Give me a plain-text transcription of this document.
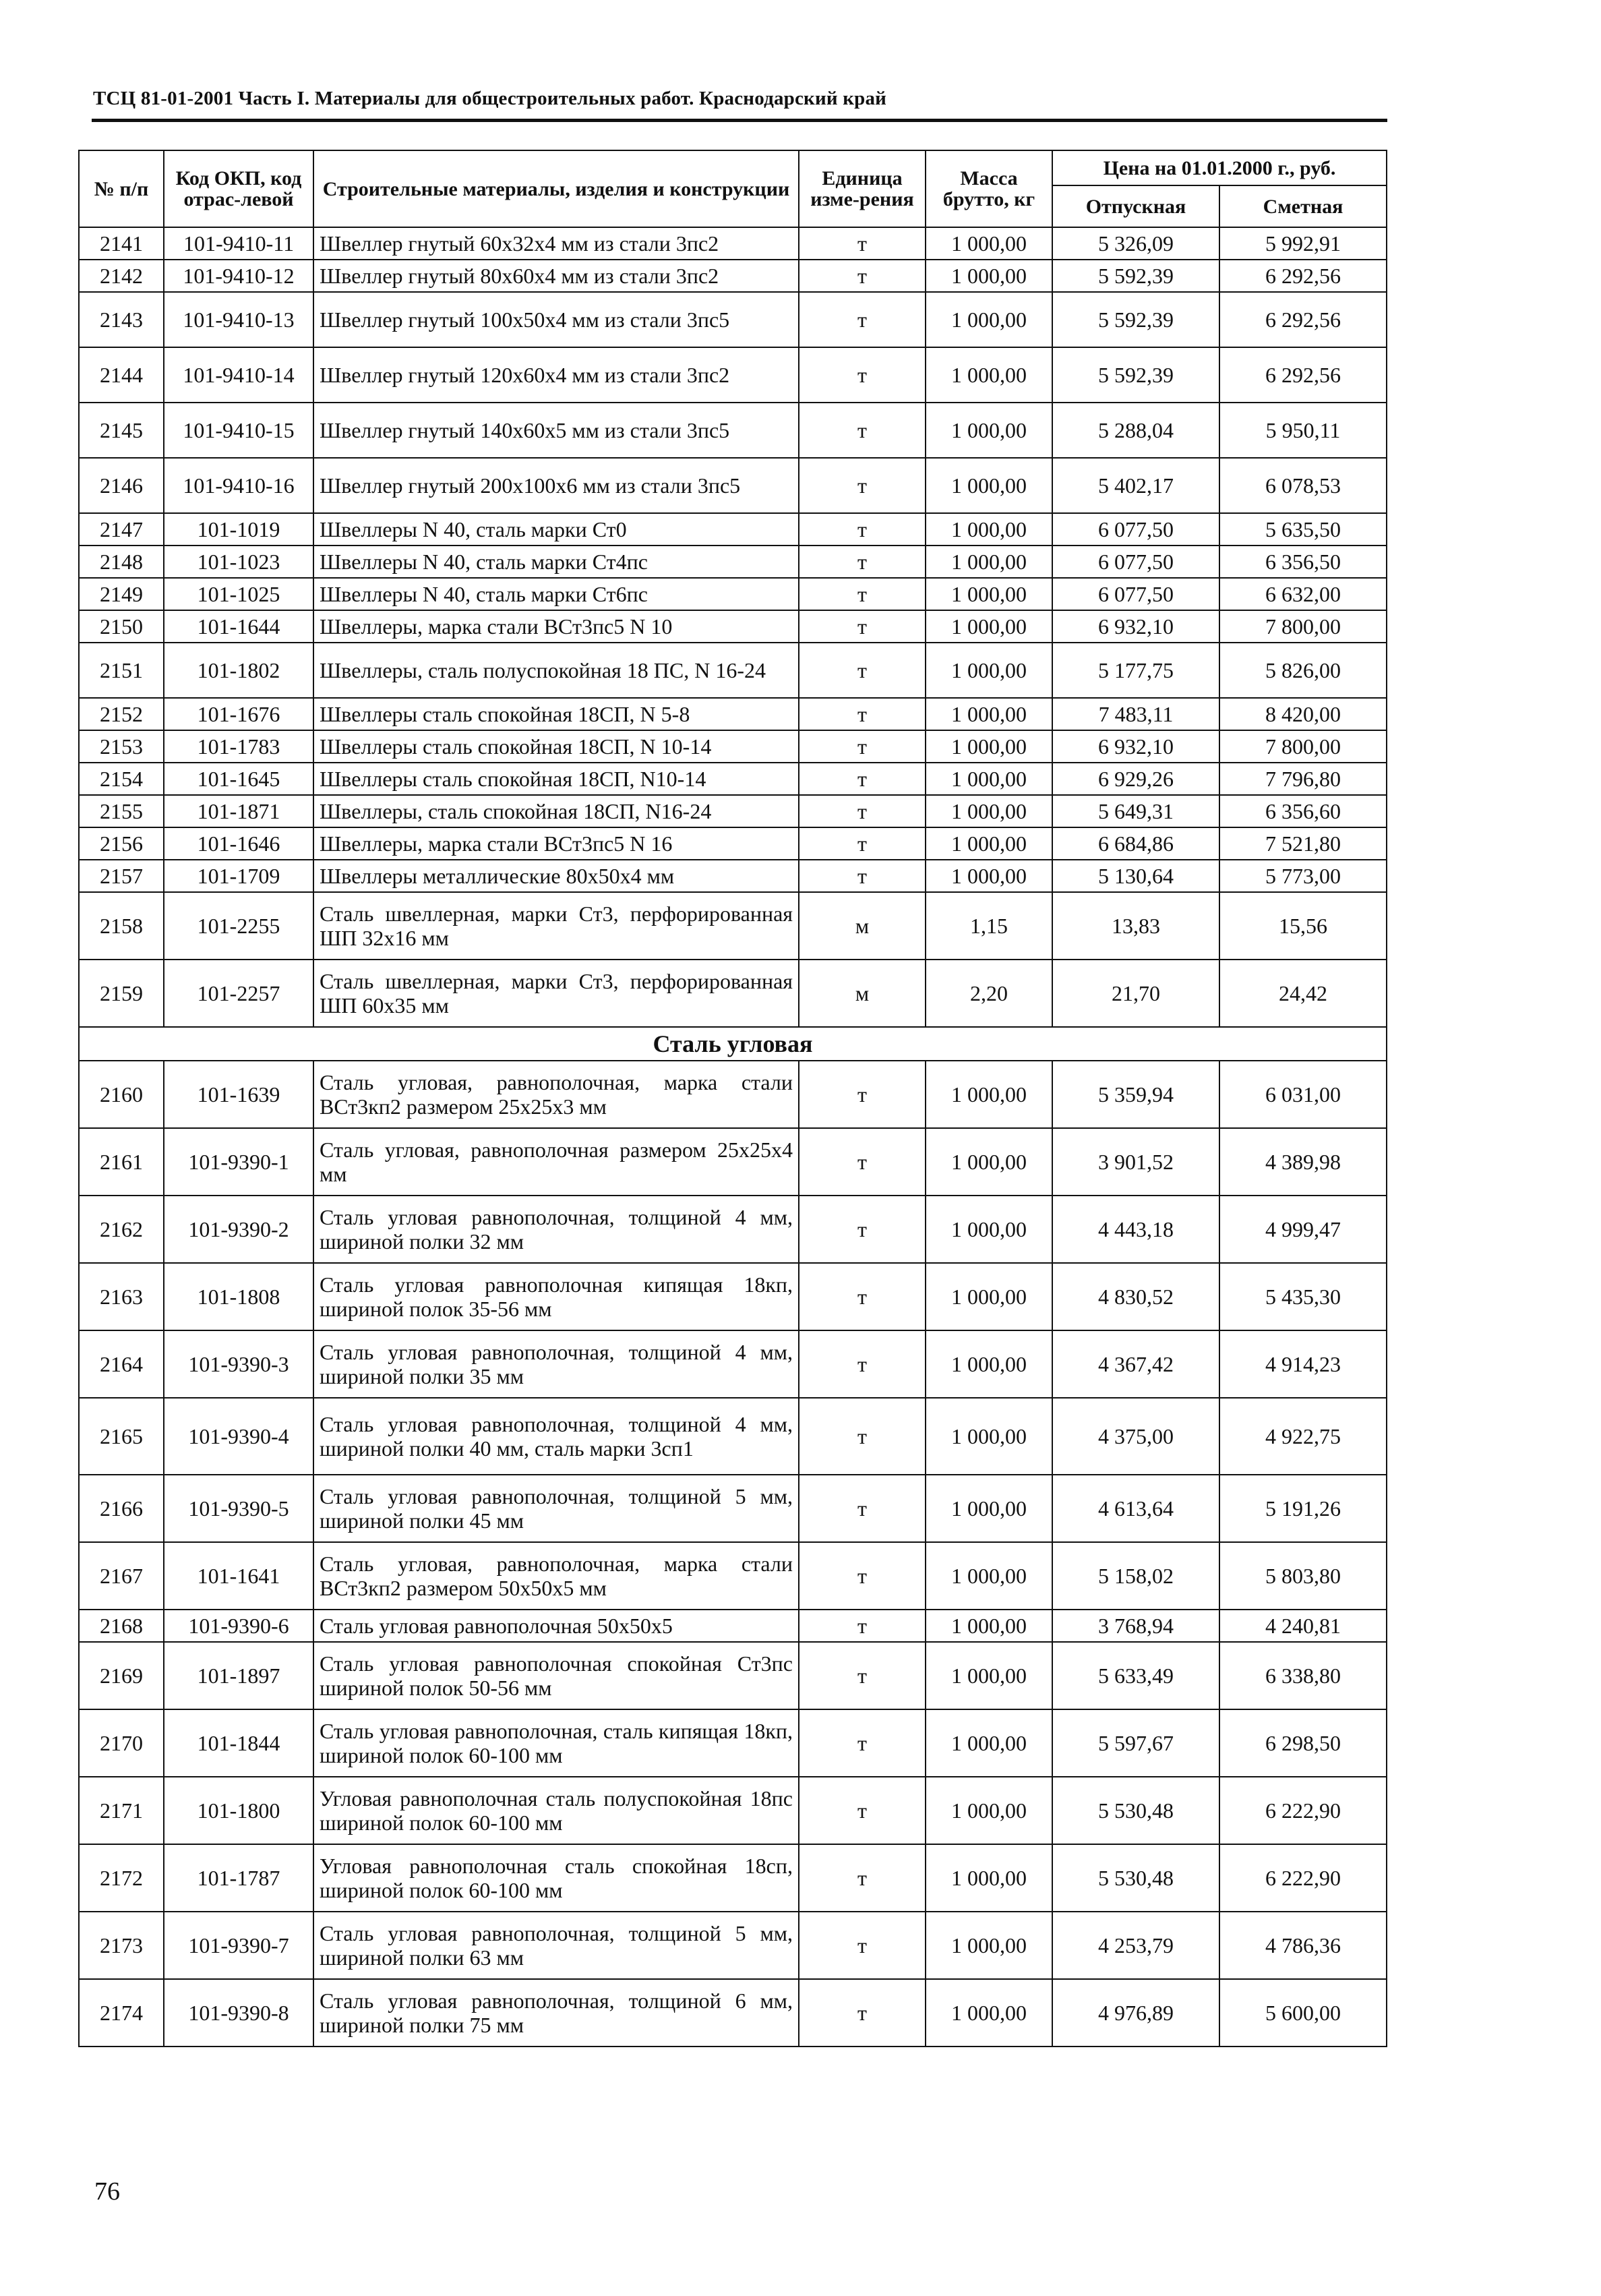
ТСЦ 81-01-2001 Часть I. Материалы для общестроительных работ. Краснодарский край
№ п/п	Код ОКП, код отрас-левой	Строительные материалы, изделия и конструкции	Единица изме-рения	Масса брутто, кг	Цена на 01.01.2000 г., руб.	
					Отпускная	Сметная
2141	101-9410-11	Швеллер гнутый 60х32х4 мм из стали 3пс2	т	1 000,00	5 326,09	5 992,91
2142	101-9410-12	Швеллер гнутый 80х60х4 мм из стали 3пс2	т	1 000,00	5 592,39	6 292,56
2143	101-9410-13	Швеллер гнутый 100х50х4 мм из стали 3пс5	т	1 000,00	5 592,39	6 292,56
2144	101-9410-14	Швеллер гнутый 120х60х4 мм из стали 3пс2	т	1 000,00	5 592,39	6 292,56
2145	101-9410-15	Швеллер гнутый 140х60х5 мм из стали 3пс5	т	1 000,00	5 288,04	5 950,11
2146	101-9410-16	Швеллер гнутый 200х100х6 мм из стали 3пс5	т	1 000,00	5 402,17	6 078,53
2147	101-1019	Швеллеры N 40, сталь марки Ст0	т	1 000,00	6 077,50	5 635,50
2148	101-1023	Швеллеры N 40, сталь марки Ст4пс	т	1 000,00	6 077,50	6 356,50
2149	101-1025	Швеллеры N 40, сталь марки Ст6пс	т	1 000,00	6 077,50	6 632,00
2150	101-1644	Швеллеры, марка стали ВСт3пс5 N 10	т	1 000,00	6 932,10	7 800,00
2151	101-1802	Швеллеры, сталь полуспокойная 18 ПС, N 16-24	т	1 000,00	5 177,75	5 826,00
2152	101-1676	Швеллеры сталь спокойная 18СП, N 5-8	т	1 000,00	7 483,11	8 420,00
2153	101-1783	Швеллеры сталь спокойная 18СП, N 10-14	т	1 000,00	6 932,10	7 800,00
2154	101-1645	Швеллеры сталь спокойная 18СП, N10-14	т	1 000,00	6 929,26	7 796,80
2155	101-1871	Швеллеры, сталь спокойная 18СП, N16-24	т	1 000,00	5 649,31	6 356,60
2156	101-1646	Швеллеры, марка стали ВСт3пс5 N 16	т	1 000,00	6 684,86	7 521,80
2157	101-1709	Швеллеры металлические 80х50х4 мм	т	1 000,00	5 130,64	5 773,00
2158	101-2255	Сталь швеллерная, марки Ст3, перфорированная ШП 32х16 мм	м	1,15	13,83	15,56
2159	101-2257	Сталь швеллерная, марки Ст3, перфорированная ШП 60х35 мм	м	2,20	21,70	24,42
Сталь угловая						
2160	101-1639	Сталь угловая, равнополочная, марка стали ВСт3кп2 размером 25х25х3 мм	т	1 000,00	5 359,94	6 031,00
2161	101-9390-1	Сталь угловая, равнополочная размером 25х25х4 мм	т	1 000,00	3 901,52	4 389,98
2162	101-9390-2	Сталь угловая равнополочная, толщиной 4 мм, шириной полки 32 мм	т	1 000,00	4 443,18	4 999,47
2163	101-1808	Сталь угловая равнополочная кипящая 18кп, шириной полок 35-56 мм	т	1 000,00	4 830,52	5 435,30
2164	101-9390-3	Сталь угловая равнополочная, толщиной 4 мм, шириной полки 35 мм	т	1 000,00	4 367,42	4 914,23
2165	101-9390-4	Сталь угловая равнополочная, толщиной 4 мм, шириной полки 40 мм, сталь марки 3сп1	т	1 000,00	4 375,00	4 922,75
2166	101-9390-5	Сталь угловая равнополочная, толщиной 5 мм, шириной полки 45 мм	т	1 000,00	4 613,64	5 191,26
2167	101-1641	Сталь угловая, равнополочная, марка стали ВСт3кп2 размером 50х50х5 мм	т	1 000,00	5 158,02	5 803,80
2168	101-9390-6	Сталь угловая равнополочная 50х50х5	т	1 000,00	3 768,94	4 240,81
2169	101-1897	Сталь угловая равнополочная спокойная Ст3пс шириной полок 50-56 мм	т	1 000,00	5 633,49	6 338,80
2170	101-1844	Сталь угловая равнополочная, сталь кипящая 18кп, шириной полок 60-100 мм	т	1 000,00	5 597,67	6 298,50
2171	101-1800	Угловая равнополочная сталь полуспокойная 18пс шириной полок 60-100 мм	т	1 000,00	5 530,48	6 222,90
2172	101-1787	Угловая равнополочная сталь спокойная 18сп, шириной полок 60-100 мм	т	1 000,00	5 530,48	6 222,90
2173	101-9390-7	Сталь угловая равнополочная, толщиной 5 мм, шириной полки 63 мм	т	1 000,00	4 253,79	4 786,36
2174	101-9390-8	Сталь угловая равнополочная, толщиной 6 мм, шириной полки 75 мм	т	1 000,00	4 976,89	5 600,00
76
